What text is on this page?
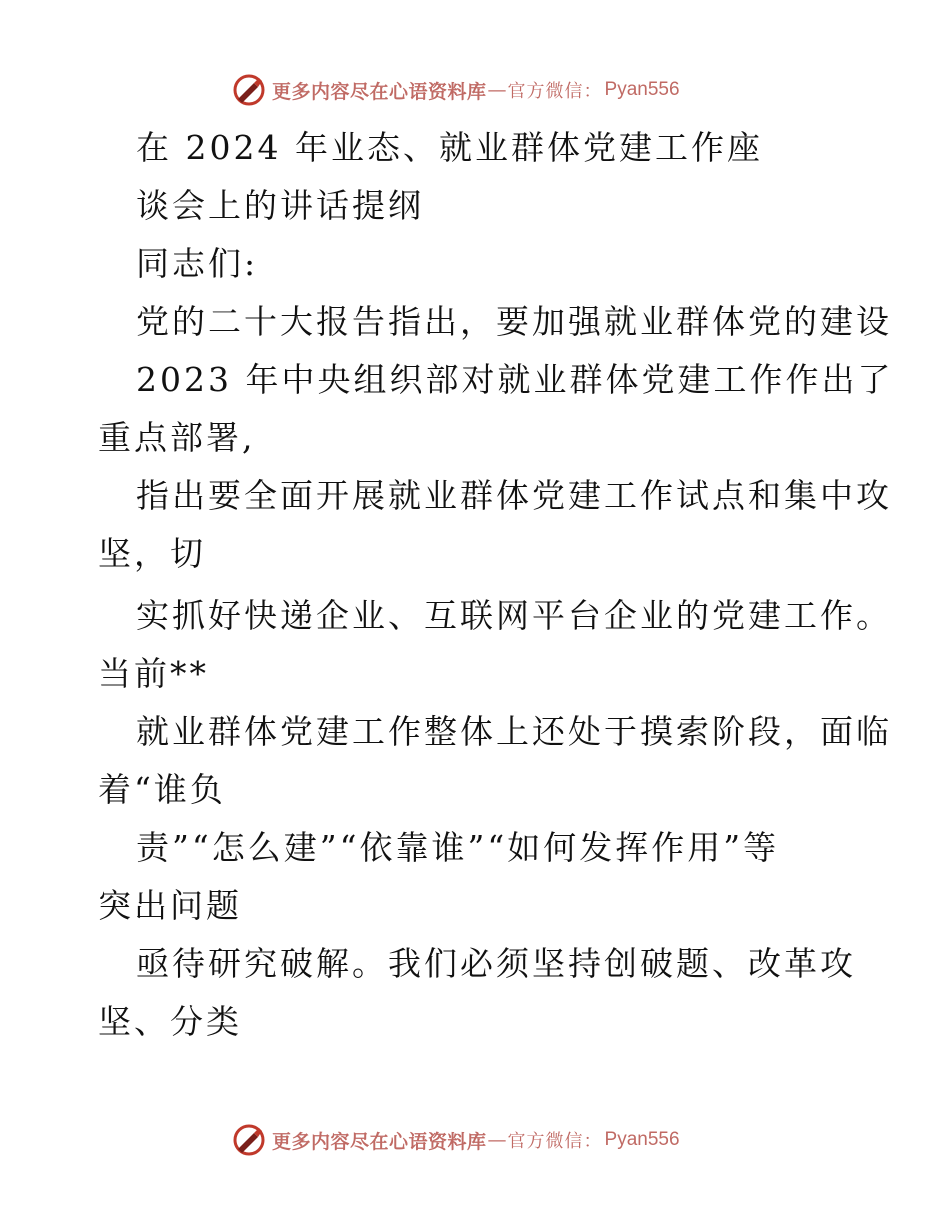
更多内容尽在心语资料库 — 官方微信： Pyan556
在 2024 年业态、就业群体党建工作座
谈会上的讲话提纲
同志们:
党的二十大报告指出，要加强就业群体党的建设
2023 年中央组织部对就业群体党建工作作出了
重点部署,
指出要全面开展就业群体党建工作试点和集中攻
坚，切
实抓好快递企业、互联网平台企业的党建工作。
当前**
就业群体党建工作整体上还处于摸索阶段，面临
着“谁负
责”“怎么建”“依靠谁”“如何发挥作用”等
突出问题
亟待研究破解。我们必须坚持创破题、改革攻
坚、分类
更多内容尽在心语资料库 — 官方微信： Pyan556
